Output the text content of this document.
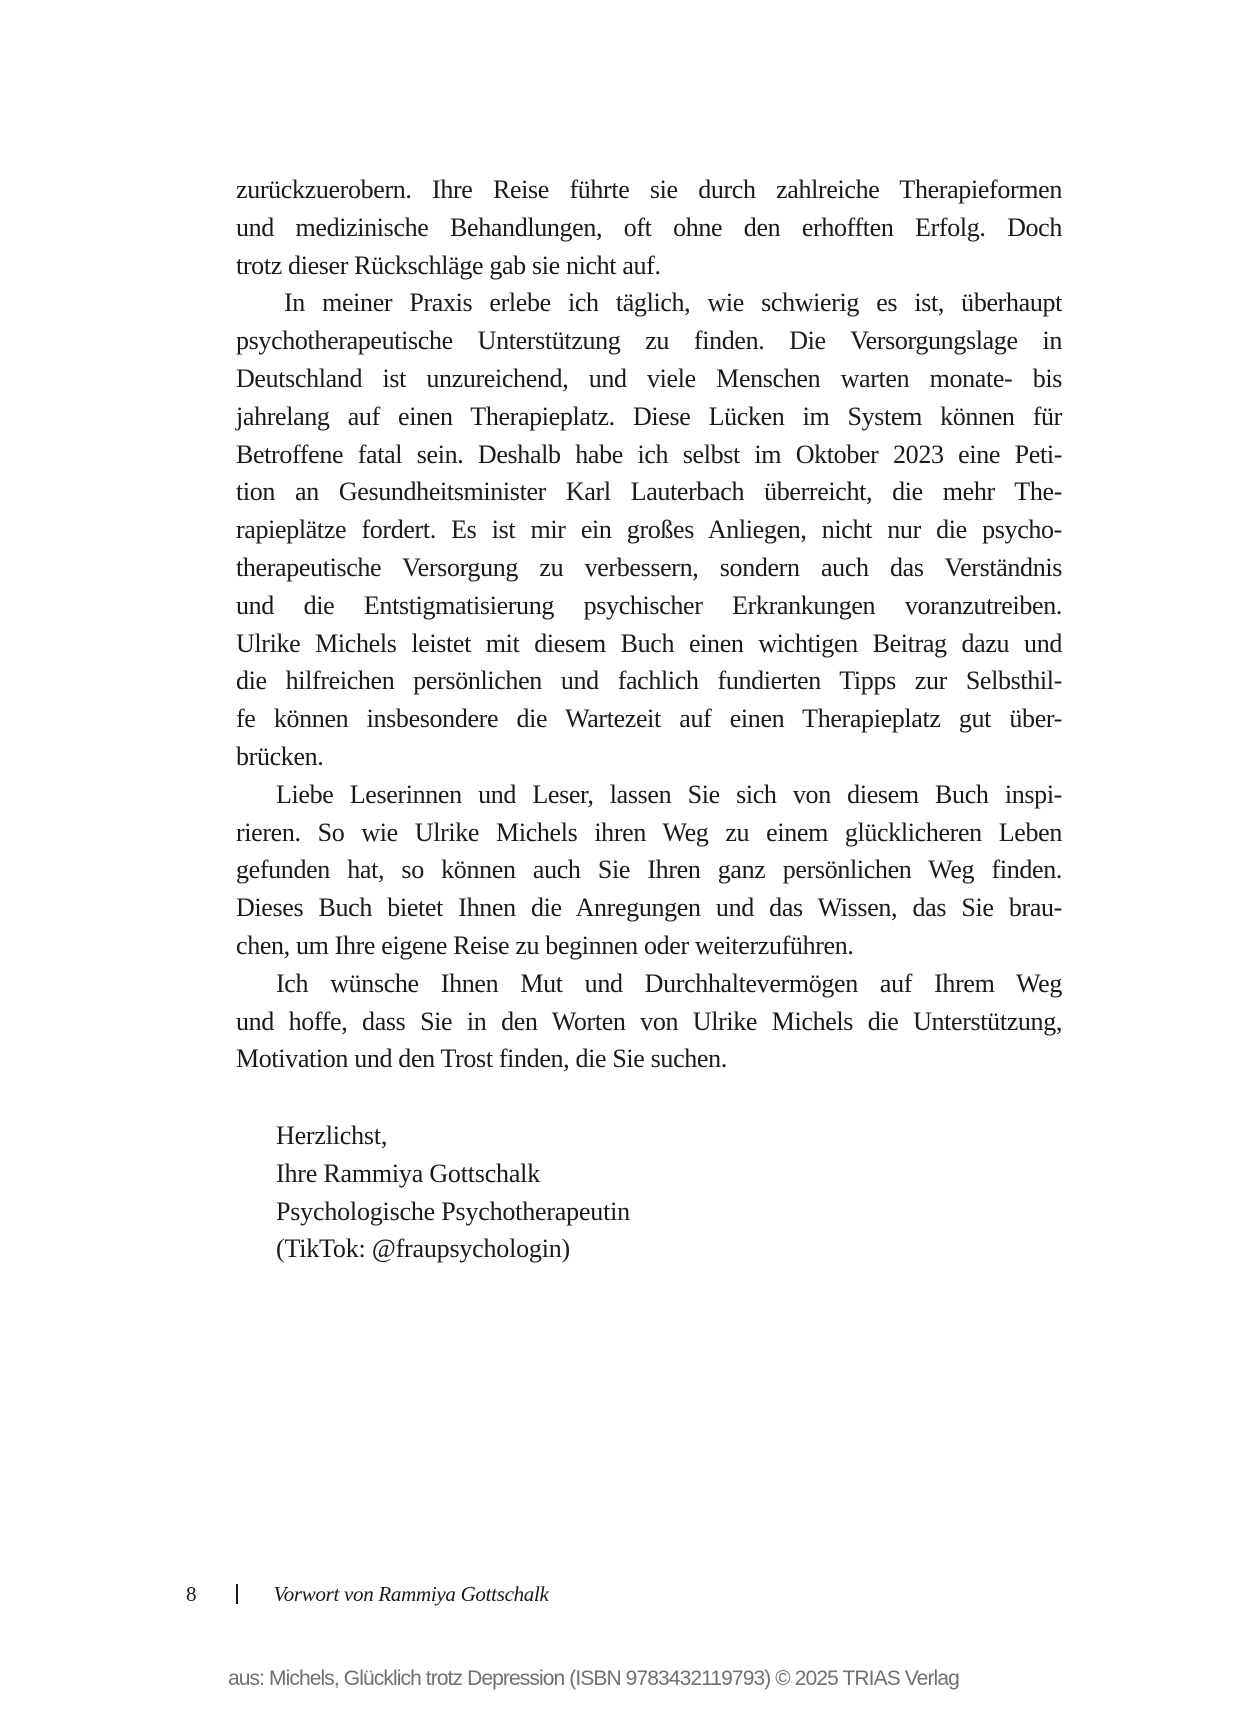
zurückzuerobern. Ihre Reise führte sie durch zahlreiche Therapieformen
und medizinische Behandlungen, oft ohne den erhofften Erfolg. Doch
trotz dieser Rückschläge gab sie nicht auf.
In meiner Praxis erlebe ich täglich, wie schwierig es ist, überhaupt
psychotherapeutische Unterstützung zu finden. Die Versorgungslage in
Deutschland ist unzureichend, und viele Menschen warten monate- bis
jahrelang auf einen Therapieplatz. Diese Lücken im System können für
Betroffene fatal sein. Deshalb habe ich selbst im Oktober 2023 eine Peti-
tion an Gesundheitsminister Karl Lauterbach überreicht, die mehr The-
rapieplätze fordert. Es ist mir ein großes Anliegen, nicht nur die psycho-
therapeutische Versorgung zu verbessern, sondern auch das Verständnis
und die Entstigmatisierung psychischer Erkrankungen voranzutreiben.
Ulrike Michels leistet mit diesem Buch einen wichtigen Beitrag dazu und
die hilfreichen persönlichen und fachlich fundierten Tipps zur Selbsthil-
fe können insbesondere die Wartezeit auf einen Therapieplatz gut über-
brücken.
Liebe Leserinnen und Leser, lassen Sie sich von diesem Buch inspi-
rieren. So wie Ulrike Michels ihren Weg zu einem glücklicheren Leben
gefunden hat, so können auch Sie Ihren ganz persönlichen Weg finden.
Dieses Buch bietet Ihnen die Anregungen und das Wissen, das Sie brau-
chen, um Ihre eigene Reise zu beginnen oder weiterzuführen.
Ich wünsche Ihnen Mut und Durchhaltevermögen auf Ihrem Weg
und hoffe, dass Sie in den Worten von Ulrike Michels die Unterstützung,
Motivation und den Trost finden, die Sie suchen.
Herzlichst,
Ihre Rammiya Gottschalk
Psychologische Psychotherapeutin
(TikTok: @fraupsychologin)
8	Vorwort von Rammiya Gottschalk
aus: Michels, Glücklich trotz Depression (ISBN 9783432119793) © 2025 TRIAS Verlag
